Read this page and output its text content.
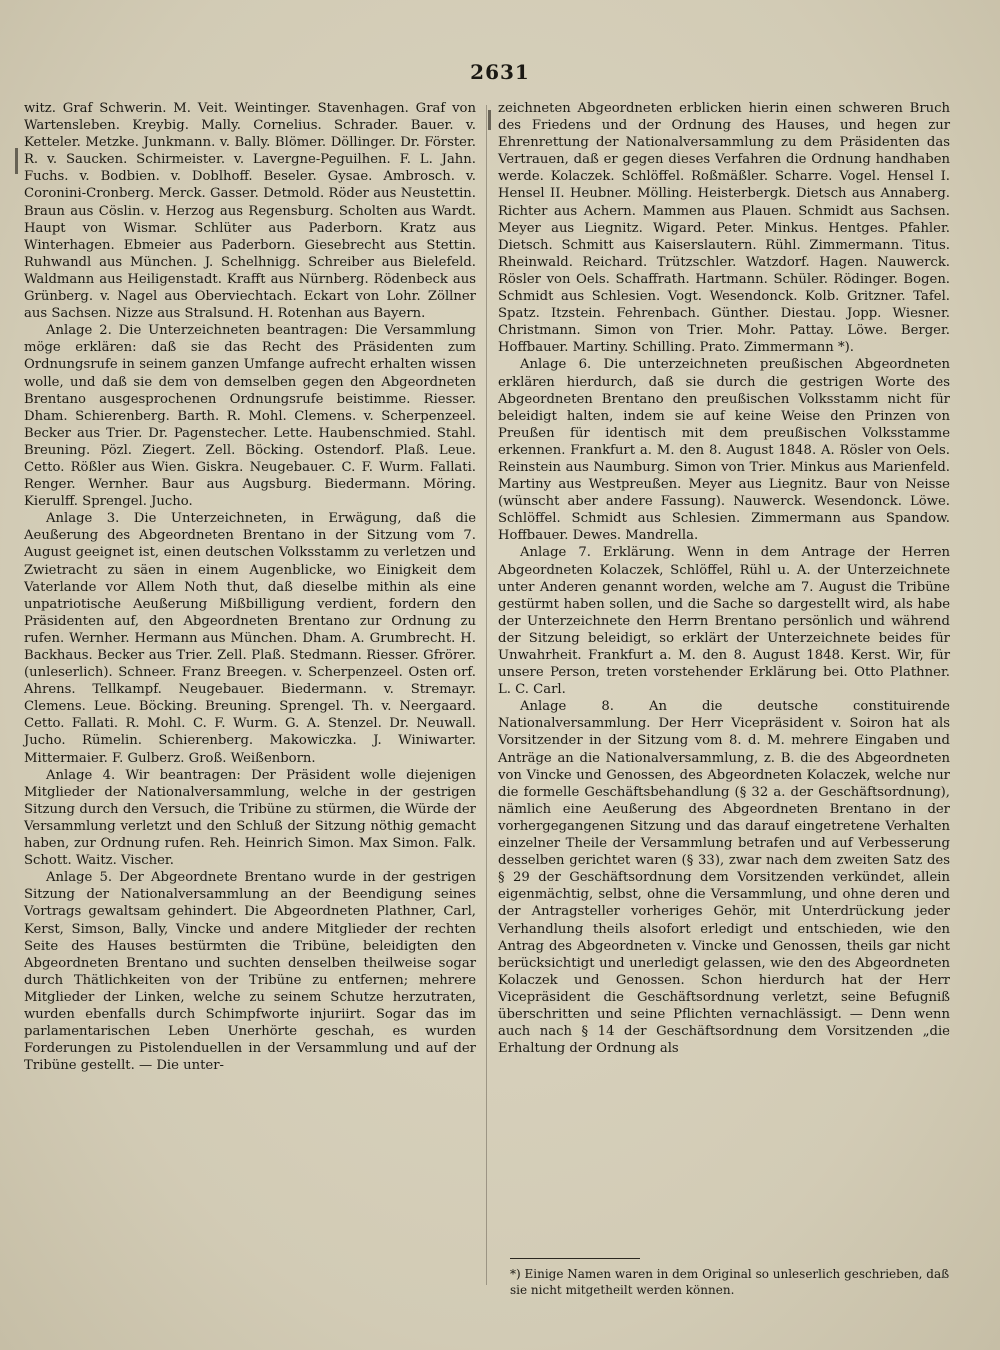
2631

witz. Graf Schwerin. M. Veit. Weintinger. Stavenhagen. Graf von Wartensleben. Kreybig. Mally. Cornelius. Schrader. Bauer. v. Ketteler. Metzke. Junkmann. v. Bally. Blömer. Döllinger. Dr. Förster. R. v. Saucken. Schirmeister. v. Lavergne-Peguilhen. F. L. Jahn. Fuchs. v. Bodbien. v. Doblhoff. Beseler. Gysae. Ambrosch. v. Coronini-Cronberg. Merck. Gasser. Detmold. Röder aus Neustettin. Braun aus Cöslin. v. Herzog aus Regensburg. Scholten aus Wardt. Haupt von Wismar. Schlüter aus Paderborn. Kratz aus Winterhagen. Ebmeier aus Paderborn. Giesebrecht aus Stettin. Ruhwandl aus München. J. Schelhnigg. Schreiber aus Bielefeld. Waldmann aus Heiligenstadt. Krafft aus Nürnberg. Rödenbeck aus Grünberg. v. Nagel aus Oberviechtach. Eckart von Lohr. Zöllner aus Sachsen. Nizze aus Stralsund. H. Rotenhan aus Bayern.

Anlage 2. Die Unterzeichneten beantragen: Die Versammlung möge erklären: daß sie das Recht des Präsidenten zum Ordnungsrufe in seinem ganzen Umfange aufrecht erhalten wissen wolle, und daß sie dem von demselben gegen den Abgeordneten Brentano ausgesprochenen Ordnungsrufe beistimme. Riesser. Dham. Schierenberg. Barth. R. Mohl. Clemens. v. Scherpenzeel. Becker aus Trier. Dr. Pagenstecher. Lette. Haubenschmied. Stahl. Breuning. Pözl. Ziegert. Zell. Böcking. Ostendorf. Plaß. Leue. Cetto. Rößler aus Wien. Giskra. Neugebauer. C. F. Wurm. Fallati. Renger. Wernher. Baur aus Augsburg. Biedermann. Möring. Kierulff. Sprengel. Jucho.

Anlage 3. Die Unterzeichneten, in Erwägung, daß die Aeußerung des Abgeordneten Brentano in der Sitzung vom 7. August geeignet ist, einen deutschen Volksstamm zu verletzen und Zwietracht zu säen in einem Augenblicke, wo Einigkeit dem Vaterlande vor Allem Noth thut, daß dieselbe mithin als eine unpatriotische Aeußerung Mißbilligung verdient, fordern den Präsidenten auf, den Abgeordneten Brentano zur Ordnung zu rufen. Wernher. Hermann aus München. Dham. A. Grumbrecht. H. Backhaus. Becker aus Trier. Zell. Plaß. Stedmann. Riesser. Gfrörer. (unleserlich). Schneer. Franz Breegen. v. Scherpenzeel. Osten orf. Ahrens. Tellkampf. Neugebauer. Biedermann. v. Stremayr. Clemens. Leue. Böcking. Breuning. Sprengel. Th. v. Neergaard. Cetto. Fallati. R. Mohl. C. F. Wurm. G. A. Stenzel. Dr. Neuwall. Jucho. Rümelin. Schierenberg. Makowiczka. J. Winiwarter. Mittermaier. F. Gulberz. Groß. Weißenborn.

Anlage 4. Wir beantragen: Der Präsident wolle diejenigen Mitglieder der Nationalversammlung, welche in der gestrigen Sitzung durch den Versuch, die Tribüne zu stürmen, die Würde der Versammlung verletzt und den Schluß der Sitzung nöthig gemacht haben, zur Ordnung rufen. Reh. Heinrich Simon. Max Simon. Falk. Schott. Waitz. Vischer.

Anlage 5. Der Abgeordnete Brentano wurde in der gestrigen Sitzung der Nationalversammlung an der Beendigung seines Vortrags gewaltsam gehindert. Die Abgeordneten Plathner, Carl, Kerst, Simson, Bally, Vincke und andere Mitglieder der rechten Seite des Hauses bestürmten die Tribüne, beleidigten den Abgeordneten Brentano und suchten denselben theilweise sogar durch Thätlichkeiten von der Tribüne zu entfernen; mehrere Mitglieder der Linken, welche zu seinem Schutze herzutraten, wurden ebenfalls durch Schimpfworte injuriirt. Sogar das im parlamentarischen Leben Unerhörte geschah, es wurden Forderungen zu Pistolenduellen in der Versammlung und auf der Tribüne gestellt. — Die unter-

zeichneten Abgeordneten erblicken hierin einen schweren Bruch des Friedens und der Ordnung des Hauses, und hegen zur Ehrenrettung der Nationalversammlung zu dem Präsidenten das Vertrauen, daß er gegen dieses Verfahren die Ordnung handhaben werde. Kolaczek. Schlöffel. Roßmäßler. Scharre. Vogel. Hensel I. Hensel II. Heubner. Mölling. Heisterbergk. Dietsch aus Annaberg. Richter aus Achern. Mammen aus Plauen. Schmidt aus Sachsen. Meyer aus Liegnitz. Wigard. Peter. Minkus. Hentges. Pfahler. Dietsch. Schmitt aus Kaiserslautern. Rühl. Zimmermann. Titus. Rheinwald. Reichard. Trützschler. Watzdorf. Hagen. Nauwerck. Rösler von Oels. Schaffrath. Hartmann. Schüler. Rödinger. Bogen. Schmidt aus Schlesien. Vogt. Wesendonck. Kolb. Gritzner. Tafel. Spatz. Itzstein. Fehrenbach. Günther. Diestau. Jopp. Wiesner. Christmann. Simon von Trier. Mohr. Pattay. Löwe. Berger. Hoffbauer. Martiny. Schilling. Prato. Zimmermann *).

Anlage 6. Die unterzeichneten preußischen Abgeordneten erklären hierdurch, daß sie durch die gestrigen Worte des Abgeordneten Brentano den preußischen Volksstamm nicht für beleidigt halten, indem sie auf keine Weise den Prinzen von Preußen für identisch mit dem preußischen Volksstamme erkennen. Frankfurt a. M. den 8. August 1848. A. Rösler von Oels. Reinstein aus Naumburg. Simon von Trier. Minkus aus Marienfeld. Martiny aus Westpreußen. Meyer aus Liegnitz. Baur von Neisse (wünscht aber andere Fassung). Nauwerck. Wesendonck. Löwe. Schlöffel. Schmidt aus Schlesien. Zimmermann aus Spandow. Hoffbauer. Dewes. Mandrella.

Anlage 7. Erklärung. Wenn in dem Antrage der Herren Abgeordneten Kolaczek, Schlöffel, Rühl u. A. der Unterzeichnete unter Anderen genannt worden, welche am 7. August die Tribüne gestürmt haben sollen, und die Sache so dargestellt wird, als habe der Unterzeichnete den Herrn Brentano persönlich und während der Sitzung beleidigt, so erklärt der Unterzeichnete beides für Unwahrheit. Frankfurt a. M. den 8. August 1848. Kerst. Wir, für unsere Person, treten vorstehender Erklärung bei. Otto Plathner. L. C. Carl.

Anlage 8. An die deutsche constituirende Nationalversammlung. Der Herr Vicepräsident v. Soiron hat als Vorsitzender in der Sitzung vom 8. d. M. mehrere Eingaben und Anträge an die Nationalversammlung, z. B. die des Abgeordneten von Vincke und Genossen, des Abgeordneten Kolaczek, welche nur die formelle Geschäftsbehandlung (§ 32 a. der Geschäftsordnung), nämlich eine Aeußerung des Abgeordneten Brentano in der vorhergegangenen Sitzung und das darauf eingetretene Verhalten einzelner Theile der Versammlung betrafen und auf Verbesserung desselben gerichtet waren (§ 33), zwar nach dem zweiten Satz des § 29 der Geschäftsordnung dem Vorsitzenden verkündet, allein eigenmächtig, selbst, ohne die Versammlung, und ohne deren und der Antragsteller vorheriges Gehör, mit Unterdrückung jeder Verhandlung theils alsofort erledigt und entschieden, wie den Antrag des Abgeordneten v. Vincke und Genossen, theils gar nicht berücksichtigt und unerledigt gelassen, wie den des Abgeordneten Kolaczek und Genossen. Schon hierdurch hat der Herr Vicepräsident die Geschäftsordnung verletzt, seine Befugniß überschritten und seine Pflichten vernachlässigt. — Denn wenn auch nach § 14 der Geschäftsordnung dem Vorsitzenden „die Erhaltung der Ordnung als

*) Einige Namen waren in dem Original so unleserlich geschrieben, daß sie nicht mitgetheilt werden können.
